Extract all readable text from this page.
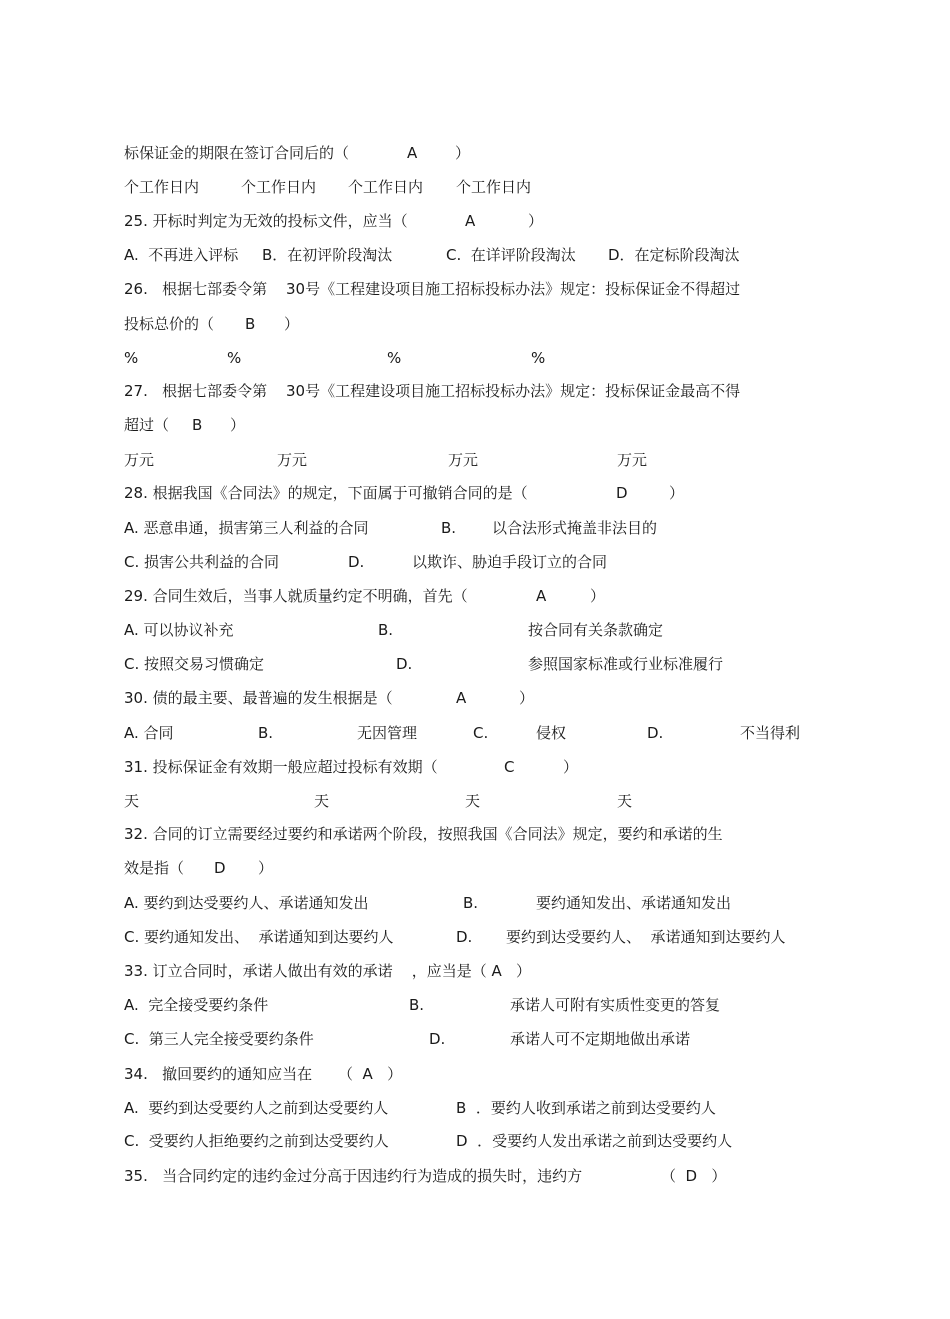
标保证金的期限在签订合同后的（	A	）
个工作日内	个工作日内 个工作日内 个工作日内
25. 开标时判定为无效的投标文件，应当（	A	）
A.  不再进入评标 B．在初评阶段淘汰	C.  在详评阶段淘汰 D．在定标阶段淘汰
26.   根据七部委令第 30号《工程建设项目施工招标投标办法》规定：投标保证金不得超过
投标总价的（ B ）
%	%	%	%
27.   根据七部委令第 30号《工程建设项目施工招标投标办法》规定：投标保证金最高不得
超过（ B ）
万元	万元	万元	万元
28. 根据我国《合同法》的规定，下面属于可撤销合同的是（	D	）
A. 恶意串通，损害第三人利益的合同	B. 以合法形式掩盖非法目的
C. 损害公共利益的合同	D.	以欺诈、胁迫手段订立的合同
29. 合同生效后，当事人就质量约定不明确，首先（	A	）
A. 可以协议补充	B.	按合同有关条款确定
C. 按照交易习惯确定	D.	参照国家标准或行业标准履行
30. 债的最主要、最普遍的发生根据是（	A	）
A. 合同	B.	无因管理	C.	侵权	D.	不当得利
31. 投标保证金有效期一般应超过投标有效期（	C	）
天	天	天	天
32. 合同的订立需要经过要约和承诺两个阶段，按照我国《合同法》规定，要约和承诺的生
效是指（ D ）
A. 要约到达受要约人、承诺通知发出	B.	要约通知发出、承诺通知发出
C. 要约通知发出、  承诺通知到达要约人	D. 要约到达受要约人、  承诺通知到达要约人
33. 订立合同时，承诺人做出有效的承诺    ，应当是（ A   ）
A.  完全接受要约条件	B.	承诺人可附有实质性变更的答复
C.  第三人完全接受要约条件	D.	承诺人可不定期地做出承诺
34.   撤回要约的通知应当在 （  A   ）
A.  要约到达受要约人之前到达受要约人	B  ．要约人收到承诺之前到达受要约人
C.  受要约人拒绝要约之前到达受要约人	D  ．受要约人发出承诺之前到达受要约人
35.   当合同约定的违约金过分高于因违约行为造成的损失时，违约方	（  D   ）
